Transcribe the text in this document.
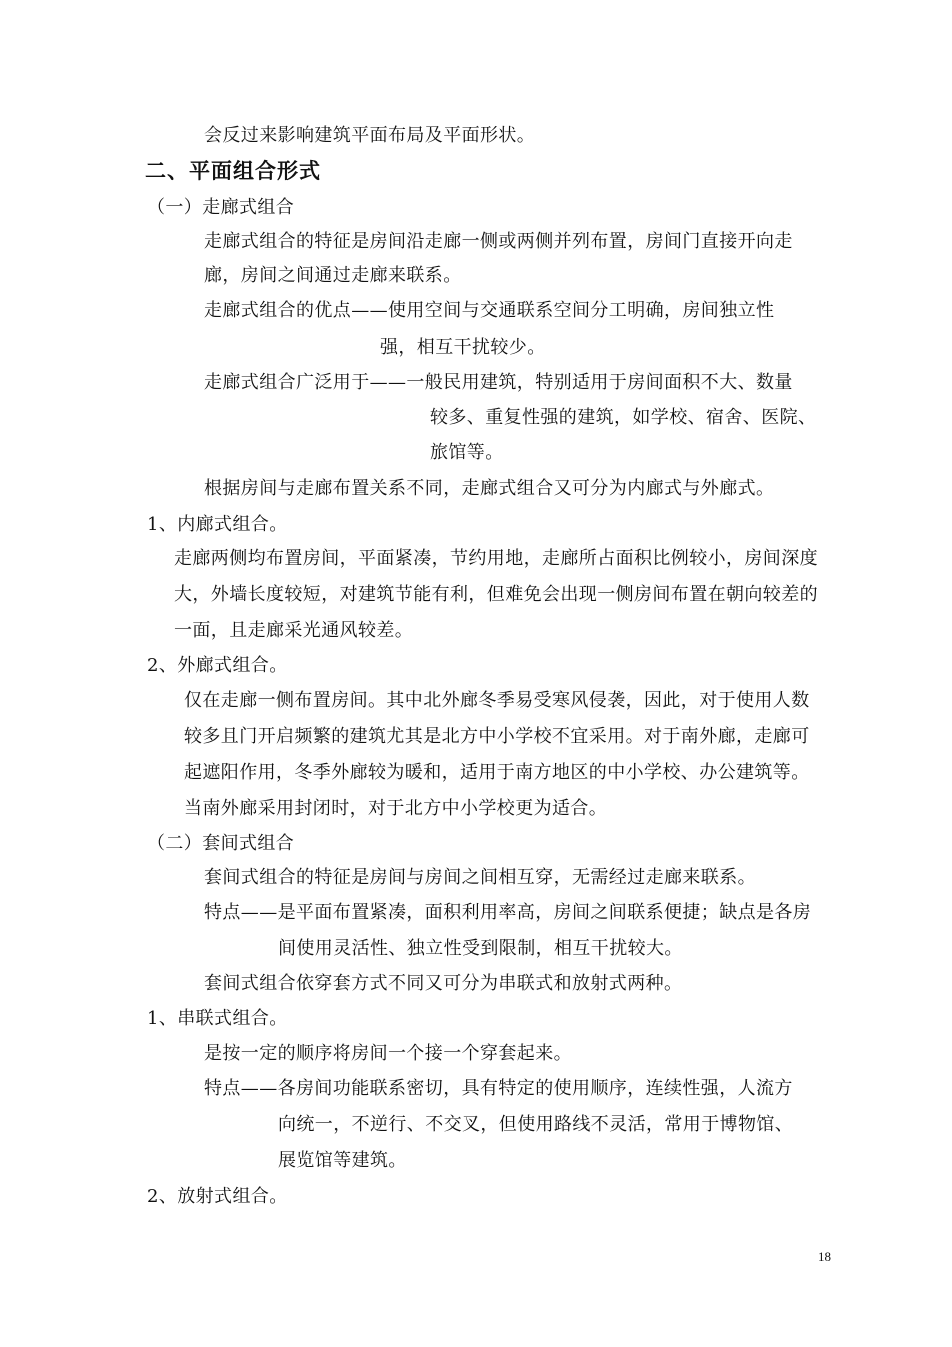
会反过来影响建筑平面布局及平面形状。
二、平面组合形式
（一）走廊式组合
走廊式组合的特征是房间沿走廊一侧或两侧并列布置，房间门直接开向走
廊，房间之间通过走廊来联系。
走廊式组合的优点——使用空间与交通联系空间分工明确，房间独立性
强，相互干扰较少。
走廊式组合广泛用于——一般民用建筑，特别适用于房间面积不大、数量
较多、重复性强的建筑，如学校、宿舍、医院、
旅馆等。
根据房间与走廊布置关系不同，走廊式组合又可分为内廊式与外廊式。
1、内廊式组合。
走廊两侧均布置房间，平面紧凑，节约用地，走廊所占面积比例较小，房间深度
大，外墙长度较短，对建筑节能有利，但难免会出现一侧房间布置在朝向较差的
一面，且走廊采光通风较差。
2、外廊式组合。
仅在走廊一侧布置房间。其中北外廊冬季易受寒风侵袭，因此，对于使用人数
较多且门开启频繁的建筑尤其是北方中小学校不宜采用。对于南外廊，走廊可
起遮阳作用，冬季外廊较为暖和，适用于南方地区的中小学校、办公建筑等。
当南外廊采用封闭时，对于北方中小学校更为适合。
（二）套间式组合
套间式组合的特征是房间与房间之间相互穿，无需经过走廊来联系。
特点——是平面布置紧凑，面积利用率高，房间之间联系便捷；缺点是各房
间使用灵活性、独立性受到限制，相互干扰较大。
套间式组合依穿套方式不同又可分为串联式和放射式两种。
1、串联式组合。
是按一定的顺序将房间一个接一个穿套起来。
特点——各房间功能联系密切，具有特定的使用顺序，连续性强，人流方
向统一，不逆行、不交叉，但使用路线不灵活，常用于博物馆、
展览馆等建筑。
2、放射式组合。
18
